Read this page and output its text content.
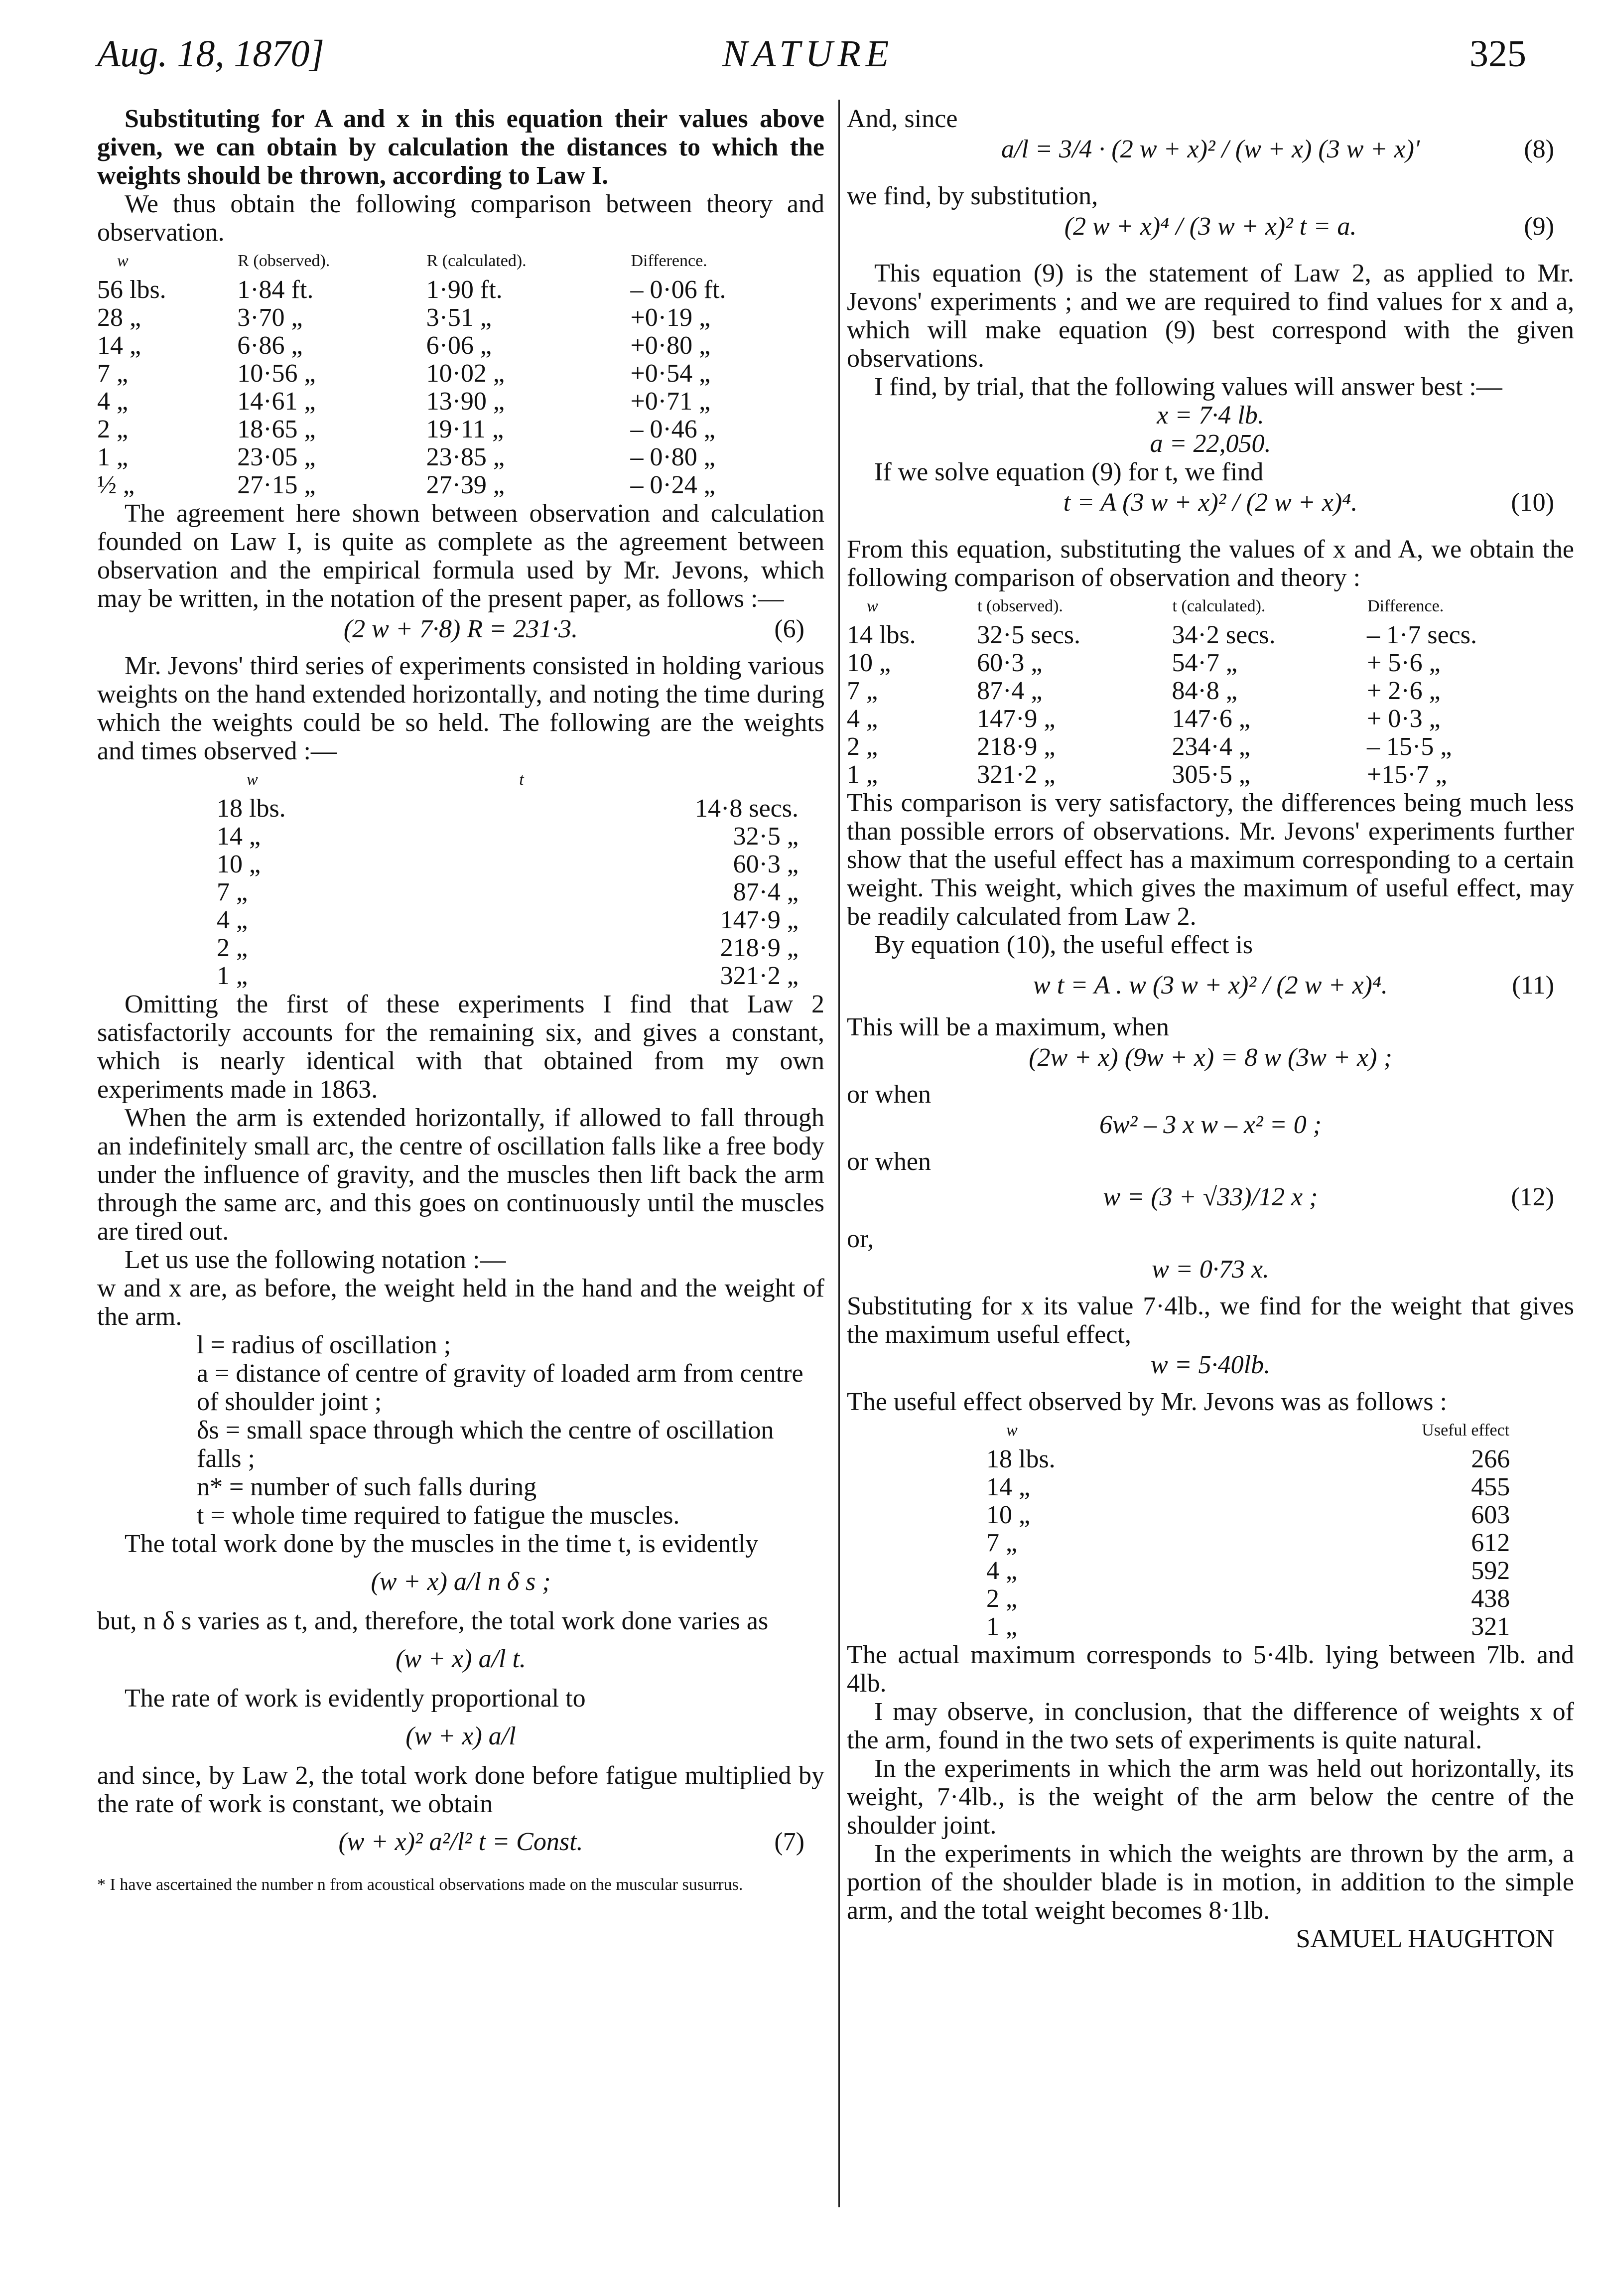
Aug. 18, 1870]	NATURE	325

Substituting for A and x in this equation their values above given, we can obtain by calculation the distances to which the weights should be thrown, according to Law I.

We thus obtain the following comparison between theory and observation.

w	R (observed).	R (calculated).	Difference.
56 lbs.	1·84 ft.	1·90 ft.	– 0·06 ft.
28 „	3·70 „	3·51 „	+0·19 „
14 „	6·86 „	6·06 „	+0·80 „
7 „	10·56 „	10·02 „	+0·54 „
4 „	14·61 „	13·90 „	+0·71 „
2 „	18·65 „	19·11 „	– 0·46 „
1 „	23·05 „	23·85 „	– 0·80 „
½ „	27·15 „	27·39 „	– 0·24 „

The agreement here shown between observation and calculation founded on Law I, is quite as complete as the agreement between observation and the empirical formula used by Mr. Jevons, which may be written, in the notation of the present paper, as follows :—

(2 w + 7·8) R = 231·3.	(6)

Mr. Jevons' third series of experiments consisted in holding various weights on the hand extended horizontally, and noting the time during which the weights could be so held. The following are the weights and times observed :—

w	t
18 lbs.	14·8 secs.
14 „	32·5 „
10 „	60·3 „
7 „	87·4 „
4 „	147·9 „
2 „	218·9 „
1 „	321·2 „

Omitting the first of these experiments I find that Law 2 satisfactorily accounts for the remaining six, and gives a constant, which is nearly identical with that obtained from my own experiments made in 1863.

When the arm is extended horizontally, if allowed to fall through an indefinitely small arc, the centre of oscillation falls like a free body under the influence of gravity, and the muscles then lift back the arm through the same arc, and this goes on continuously until the muscles are tired out.

Let us use the following notation :—

w and x are, as before, the weight held in the hand and the weight of the arm.

l = radius of oscillation ;
a = distance of centre of gravity of loaded arm from centre of shoulder joint ;
δs = small space through which the centre of oscillation falls ;
n* = number of such falls during
t = whole time required to fatigue the muscles.

The total work done by the muscles in the time t, is evidently

(w + x) a/l n δ s ;

but, n δ s varies as t, and, therefore, the total work done varies as

(w + x) a/l t.

The rate of work is evidently proportional to

(w + x) a/l

and since, by Law 2, the total work done before fatigue multiplied by the rate of work is constant, we obtain

(w + x)² a²/l² t = Const.	(7)

* I have ascertained the number n from acoustical observations made on the muscular susurrus.

And, since

a/l = 3/4 · (2 w + x)² / (w + x) (3 w + x)'	(8)

we find, by substitution,

(2 w + x)⁴ / (3 w + x)² t = a.	(9)

This equation (9) is the statement of Law 2, as applied to Mr. Jevons' experiments ; and we are required to find values for x and a, which will make equation (9) best correspond with the given observations.

I find, by trial, that the following values will answer best :—

x = 7·4 lb.
a = 22,050.

If we solve equation (9) for t, we find

t = A (3 w + x)² / (2 w + x)⁴.	(10)

From this equation, substituting the values of x and A, we obtain the following comparison of observation and theory :

w	t (observed).	t (calculated).	Difference.
14 lbs.	32·5 secs.	34·2 secs.	– 1·7 secs.
10 „	60·3 „	54·7 „	+ 5·6 „
7 „	87·4 „	84·8 „	+ 2·6 „
4 „	147·9 „	147·6 „	+ 0·3 „
2 „	218·9 „	234·4 „	– 15·5 „
1 „	321·2 „	305·5 „	+15·7 „

This comparison is very satisfactory, the differences being much less than possible errors of observations. Mr. Jevons' experiments further show that the useful effect has a maximum corresponding to a certain weight. This weight, which gives the maximum of useful effect, may be readily calculated from Law 2.

By equation (10), the useful effect is

w t = A . w (3 w + x)² / (2 w + x)⁴.	(11)

This will be a maximum, when

(2w + x) (9w + x) = 8 w (3w + x) ;

or when

6w² – 3 x w – x² = 0 ;

or when

w = (3 + √33)/12 x ;	(12)

or,

w = 0·73 x.

Substituting for x its value 7·4lb., we find for the weight that gives the maximum useful effect,

w = 5·40lb.

The useful effect observed by Mr. Jevons was as follows :

w	Useful effect
18 lbs.	266
14 „	455
10 „	603
7 „	612
4 „	592
2 „	438
1 „	321

The actual maximum corresponds to 5·4lb. lying between 7lb. and 4lb.

I may observe, in conclusion, that the difference of weights x of the arm, found in the two sets of experiments is quite natural.

In the experiments in which the arm was held out horizontally, its weight, 7·4lb., is the weight of the arm below the centre of the shoulder joint.

In the experiments in which the weights are thrown by the arm, a portion of the shoulder blade is in motion, in addition to the simple arm, and the total weight becomes 8·1lb.

SAMUEL HAUGHTON
